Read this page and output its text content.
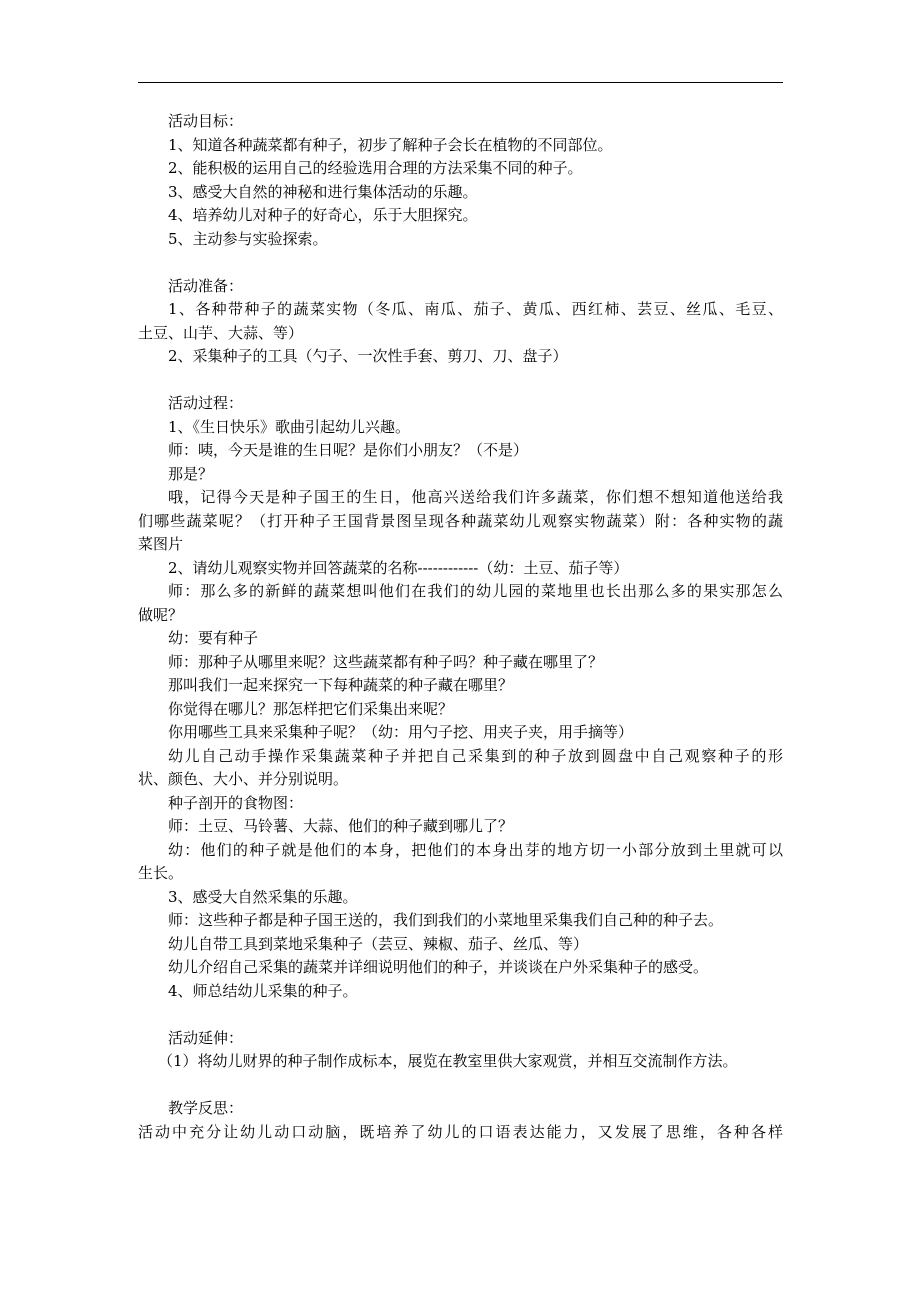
活动目标：
1、知道各种蔬菜都有种子，初步了解种子会长在植物的不同部位。
2、能积极的运用自己的经验选用合理的方法采集不同的种子。
3、感受大自然的神秘和进行集体活动的乐趣。
4、培养幼儿对种子的好奇心，乐于大胆探究。
5、主动参与实验探索。
活动准备：
1、各种带种子的蔬菜实物（冬瓜、南瓜、茄子、黄瓜、西红柿、芸豆、丝瓜、毛豆、
土豆、山芋、大蒜、等）
2、采集种子的工具（勺子、一次性手套、剪刀、刀、盘子）
活动过程：
1、《生日快乐》歌曲引起幼儿兴趣。
师：咦，今天是谁的生日呢？是你们小朋友？（不是）
那是？
哦，记得今天是种子国王的生日，他高兴送给我们许多蔬菜，你们想不想知道他送给我
们哪些蔬菜呢？（打开种子王国背景图呈现各种蔬菜幼儿观察实物蔬菜）附：各种实物的蔬
菜图片
2、请幼儿观察实物并回答蔬菜的名称------------（幼：土豆、茄子等）
师：那么多的新鲜的蔬菜想叫他们在我们的幼儿园的菜地里也长出那么多的果实那怎么
做呢？
幼：要有种子
师：那种子从哪里来呢？这些蔬菜都有种子吗？种子藏在哪里了？
那叫我们一起来探究一下每种蔬菜的种子藏在哪里？
你觉得在哪儿？那怎样把它们采集出来呢？
你用哪些工具来采集种子呢？（幼：用勺子挖、用夹子夹，用手摘等）
幼儿自己动手操作采集蔬菜种子并把自己采集到的种子放到圆盘中自己观察种子的形
状、颜色、大小、并分别说明。
种子剖开的食物图：
师：土豆、马铃薯、大蒜、他们的种子藏到哪儿了？
幼：他们的种子就是他们的本身，把他们的本身出芽的地方切一小部分放到土里就可以
生长。
3、感受大自然采集的乐趣。
师：这些种子都是种子国王送的，我们到我们的小菜地里采集我们自己种的种子去。
幼儿自带工具到菜地采集种子（芸豆、辣椒、茄子、丝瓜、等）
幼儿介绍自己采集的蔬菜并详细说明他们的种子，并谈谈在户外采集种子的感受。
4、师总结幼儿采集的种子。
活动延伸：
（1）将幼儿财界的种子制作成标本，展览在教室里供大家观赏，并相互交流制作方法。
教学反思：
活动中充分让幼儿动口动脑，既培养了幼儿的口语表达能力，又发展了思维，各种各样
